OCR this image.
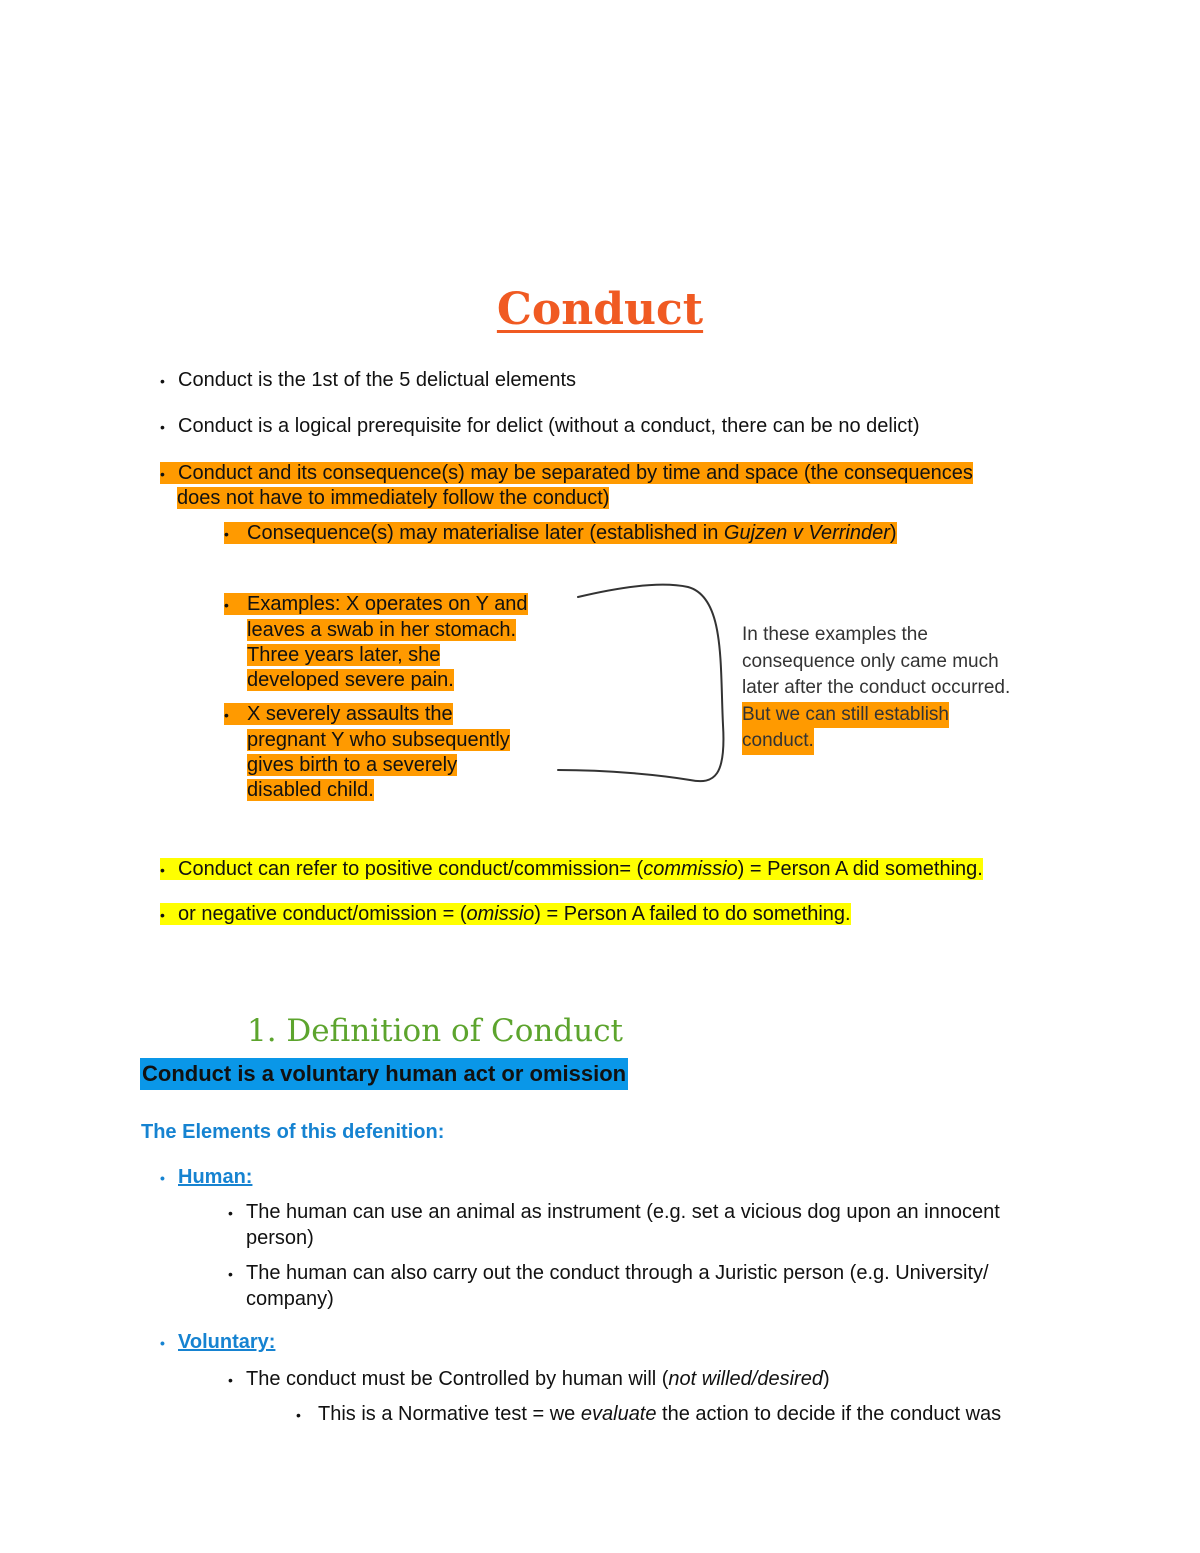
Conduct
• Conduct is the 1st of the 5 delictual elements
• Conduct is a logical prerequisite for delict (without a conduct, there can be no delict)
• Conduct and its consequence(s) may be separated by time and space (the consequences
does not have to immediately follow the conduct)
• Consequence(s) may materialise later (established in Gujzen v Verrinder)
• Examples: X operates on Y and
leaves a swab in her stomach.
Three years later, she
developed severe pain.
• X severely assaults the
pregnant Y who subsequently
gives birth to a severely
disabled child.
In these examples the
consequence only came much
later after the conduct occurred.
But we can still establish
conduct.
• Conduct can refer to positive conduct/commission= (commissio) = Person A did something.
• or negative conduct/omission = (omissio) = Person A failed to do something.
1. Definition of Conduct
Conduct is a voluntary human act or omission
The Elements of this defenition:
• Human:
• The human can use an animal as instrument (e.g. set a vicious dog upon an innocent
person)
• The human can also carry out the conduct through a Juristic person (e.g. University/
company)
• Voluntary:
• The conduct must be Controlled by human will (not willed/desired)
• This is a Normative test = we evaluate the action to decide if the conduct was
